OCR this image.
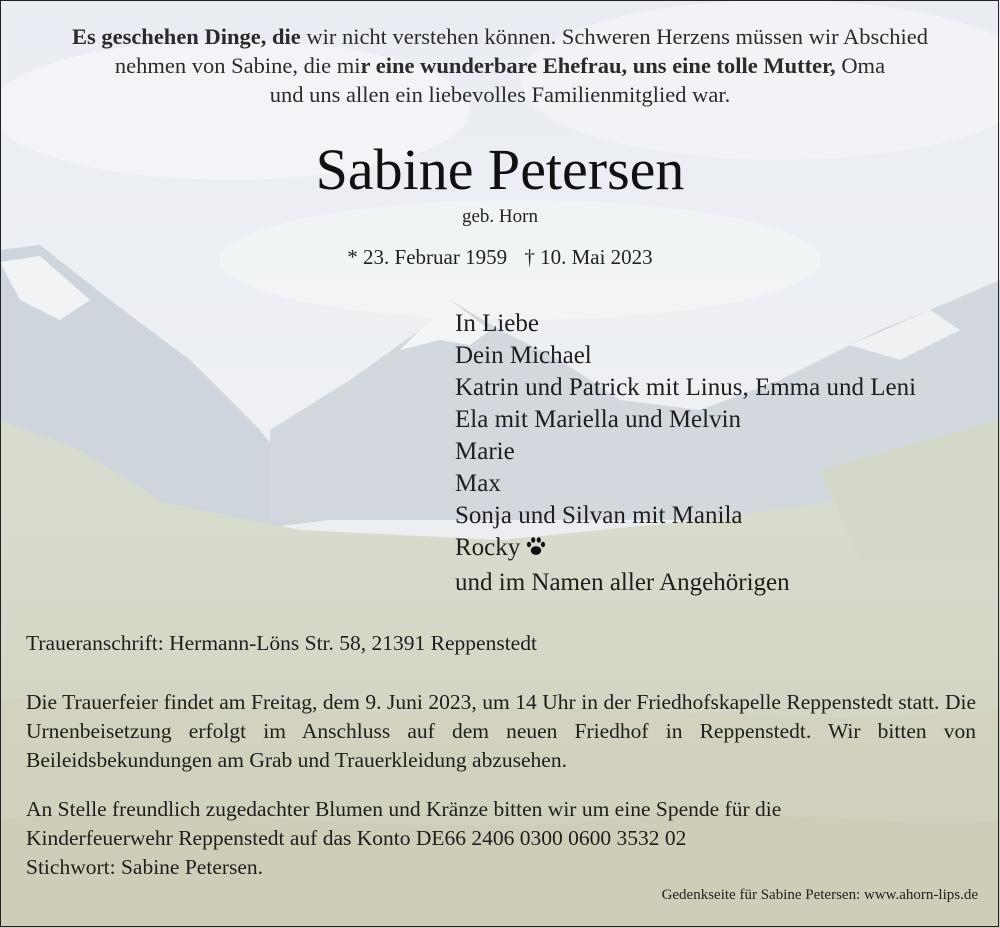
Es geschehen Dinge, die wir nicht verstehen können. Schweren Herzens müssen wir Abschied
nehmen von Sabine, die mir eine wunderbare Ehefrau, uns eine tolle Mutter, Oma
und uns allen ein liebevolles Familienmitglied war.
Sabine Petersen
geb. Horn
* 23. Februar 1959 † 10. Mai 2023
In Liebe
Dein Michael
Katrin und Patrick mit Linus, Emma und Leni
Ela mit Mariella und Melvin
Marie
Max
Sonja und Silvan mit Manila
Rocky
und im Namen aller Angehörigen
Traueranschrift: Hermann-Löns Str. 58, 21391 Reppenstedt
Die Trauerfeier findet am Freitag, dem 9. Juni 2023, um 14 Uhr in der Friedhofskapelle Reppenstedt statt. Die Urnenbeisetzung erfolgt im Anschluss auf dem neuen Friedhof in Reppenstedt. Wir bitten von Beileidsbekundungen am Grab und Trauerkleidung abzusehen.
An Stelle freundlich zugedachter Blumen und Kränze bitten wir um eine Spende für die
Kinderfeuerwehr Reppenstedt auf das Konto DE66 2406 0300 0600 3532 02
Stichwort: Sabine Petersen.
Gedenkseite für Sabine Petersen: www.ahorn-lips.de
